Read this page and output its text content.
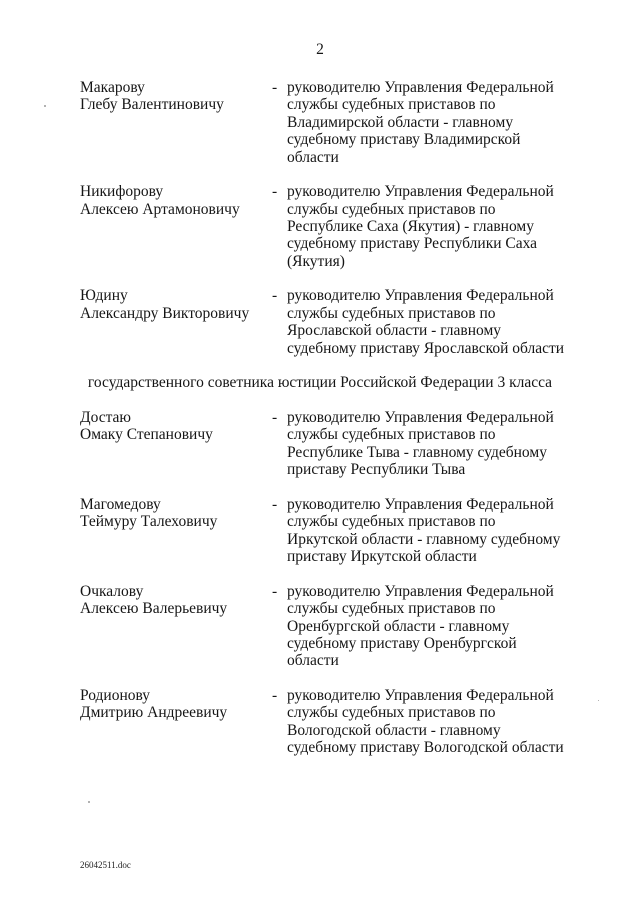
2
Макарову
Глебу Валентиновичу
- руководителю Управления Федеральной
службы судебных приставов по
Владимирской области - главному
судебному приставу Владимирской
области
Никифорову
Алексею Артамоновичу
- руководителю Управления Федеральной
службы судебных приставов по
Республике Саха (Якутия) - главному
судебному приставу Республики Саха
(Якутия)
Юдину
Александру Викторовичу
- руководителю Управления Федеральной
службы судебных приставов по
Ярославской области - главному
судебному приставу Ярославской области
государственного советника юстиции Российской Федерации 3 класса
Достаю
Омаку Степановичу
- руководителю Управления Федеральной
службы судебных приставов по
Республике Тыва - главному судебному
приставу Республики Тыва
Магомедову
Теймуру Талеховичу
- руководителю Управления Федеральной
службы судебных приставов по
Иркутской области - главному судебному
приставу Иркутской области
Очкалову
Алексею Валерьевичу
- руководителю Управления Федеральной
службы судебных приставов по
Оренбургской области - главному
судебному приставу Оренбургской
области
Родионову
Дмитрию Андреевичу
- руководителю Управления Федеральной
службы судебных приставов по
Вологодской области - главному
судебному приставу Вологодской области
26042511.doc
